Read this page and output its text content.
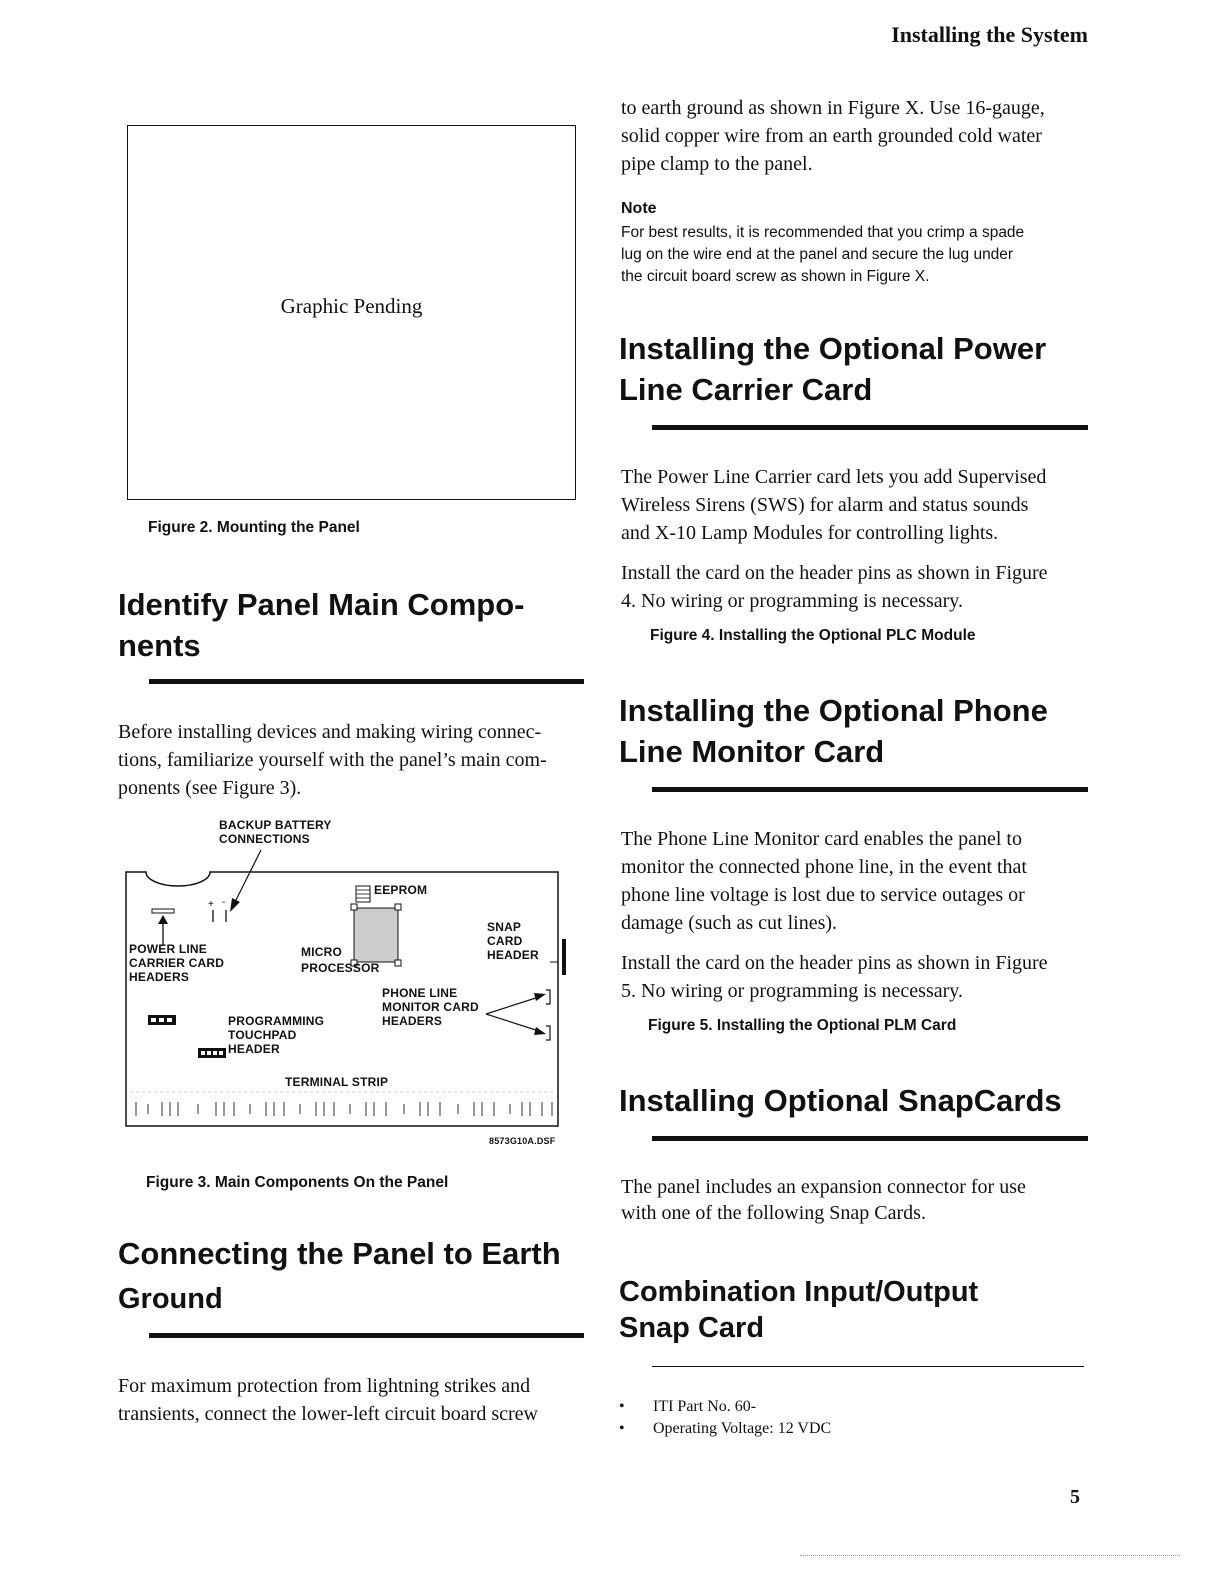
Installing the System
Graphic Pending
Figure 2. Mounting the Panel
Identify Panel Main Compo-
nents
Before installing devices and making wiring connec-
tions, familiarize yourself with the panel’s main com-
ponents (see Figure 3).
+ -
BACKUP BATTERY
CONNECTIONS
EEPROM
SNAP
CARD
HEADER
POWER LINE
CARRIER CARD
HEADERS
MICRO
PROCESSOR
PHONE LINE
MONITOR CARD
HEADERS
PROGRAMMING
TOUCHPAD
HEADER
TERMINAL STRIP
8573G10A.DSF
Figure 3. Main Components On the Panel
Connecting the Panel to Earth
Ground
For maximum protection from lightning strikes and
transients, connect the lower-left circuit board screw
to earth ground as shown in Figure X. Use 16-gauge,
solid copper wire from an earth grounded cold water
pipe clamp to the panel.
Note
For best results, it is recommended that you crimp a spade
lug on the wire end at the panel and secure the lug under
the circuit board screw as shown in Figure X.
Installing the Optional Power
Line Carrier Card
The Power Line Carrier card lets you add Supervised
Wireless Sirens (SWS) for alarm and status sounds
and X-10 Lamp Modules for controlling lights.
Install the card on the header pins as shown in Figure
4. No wiring or programming is necessary.
Figure 4. Installing the Optional PLC Module
Installing the Optional Phone
Line Monitor Card
The Phone Line Monitor card enables the panel to
monitor the connected phone line, in the event that
phone line voltage is lost due to service outages or
damage (such as cut lines).
Install the card on the header pins as shown in Figure
5. No wiring or programming is necessary.
Figure 5. Installing the Optional PLM Card
Installing Optional SnapCards
The panel includes an expansion connector for use
with one of the following Snap Cards.
Combination Input/Output
Snap Card
• ITI Part No. 60-
• Operating Voltage: 12 VDC
5
